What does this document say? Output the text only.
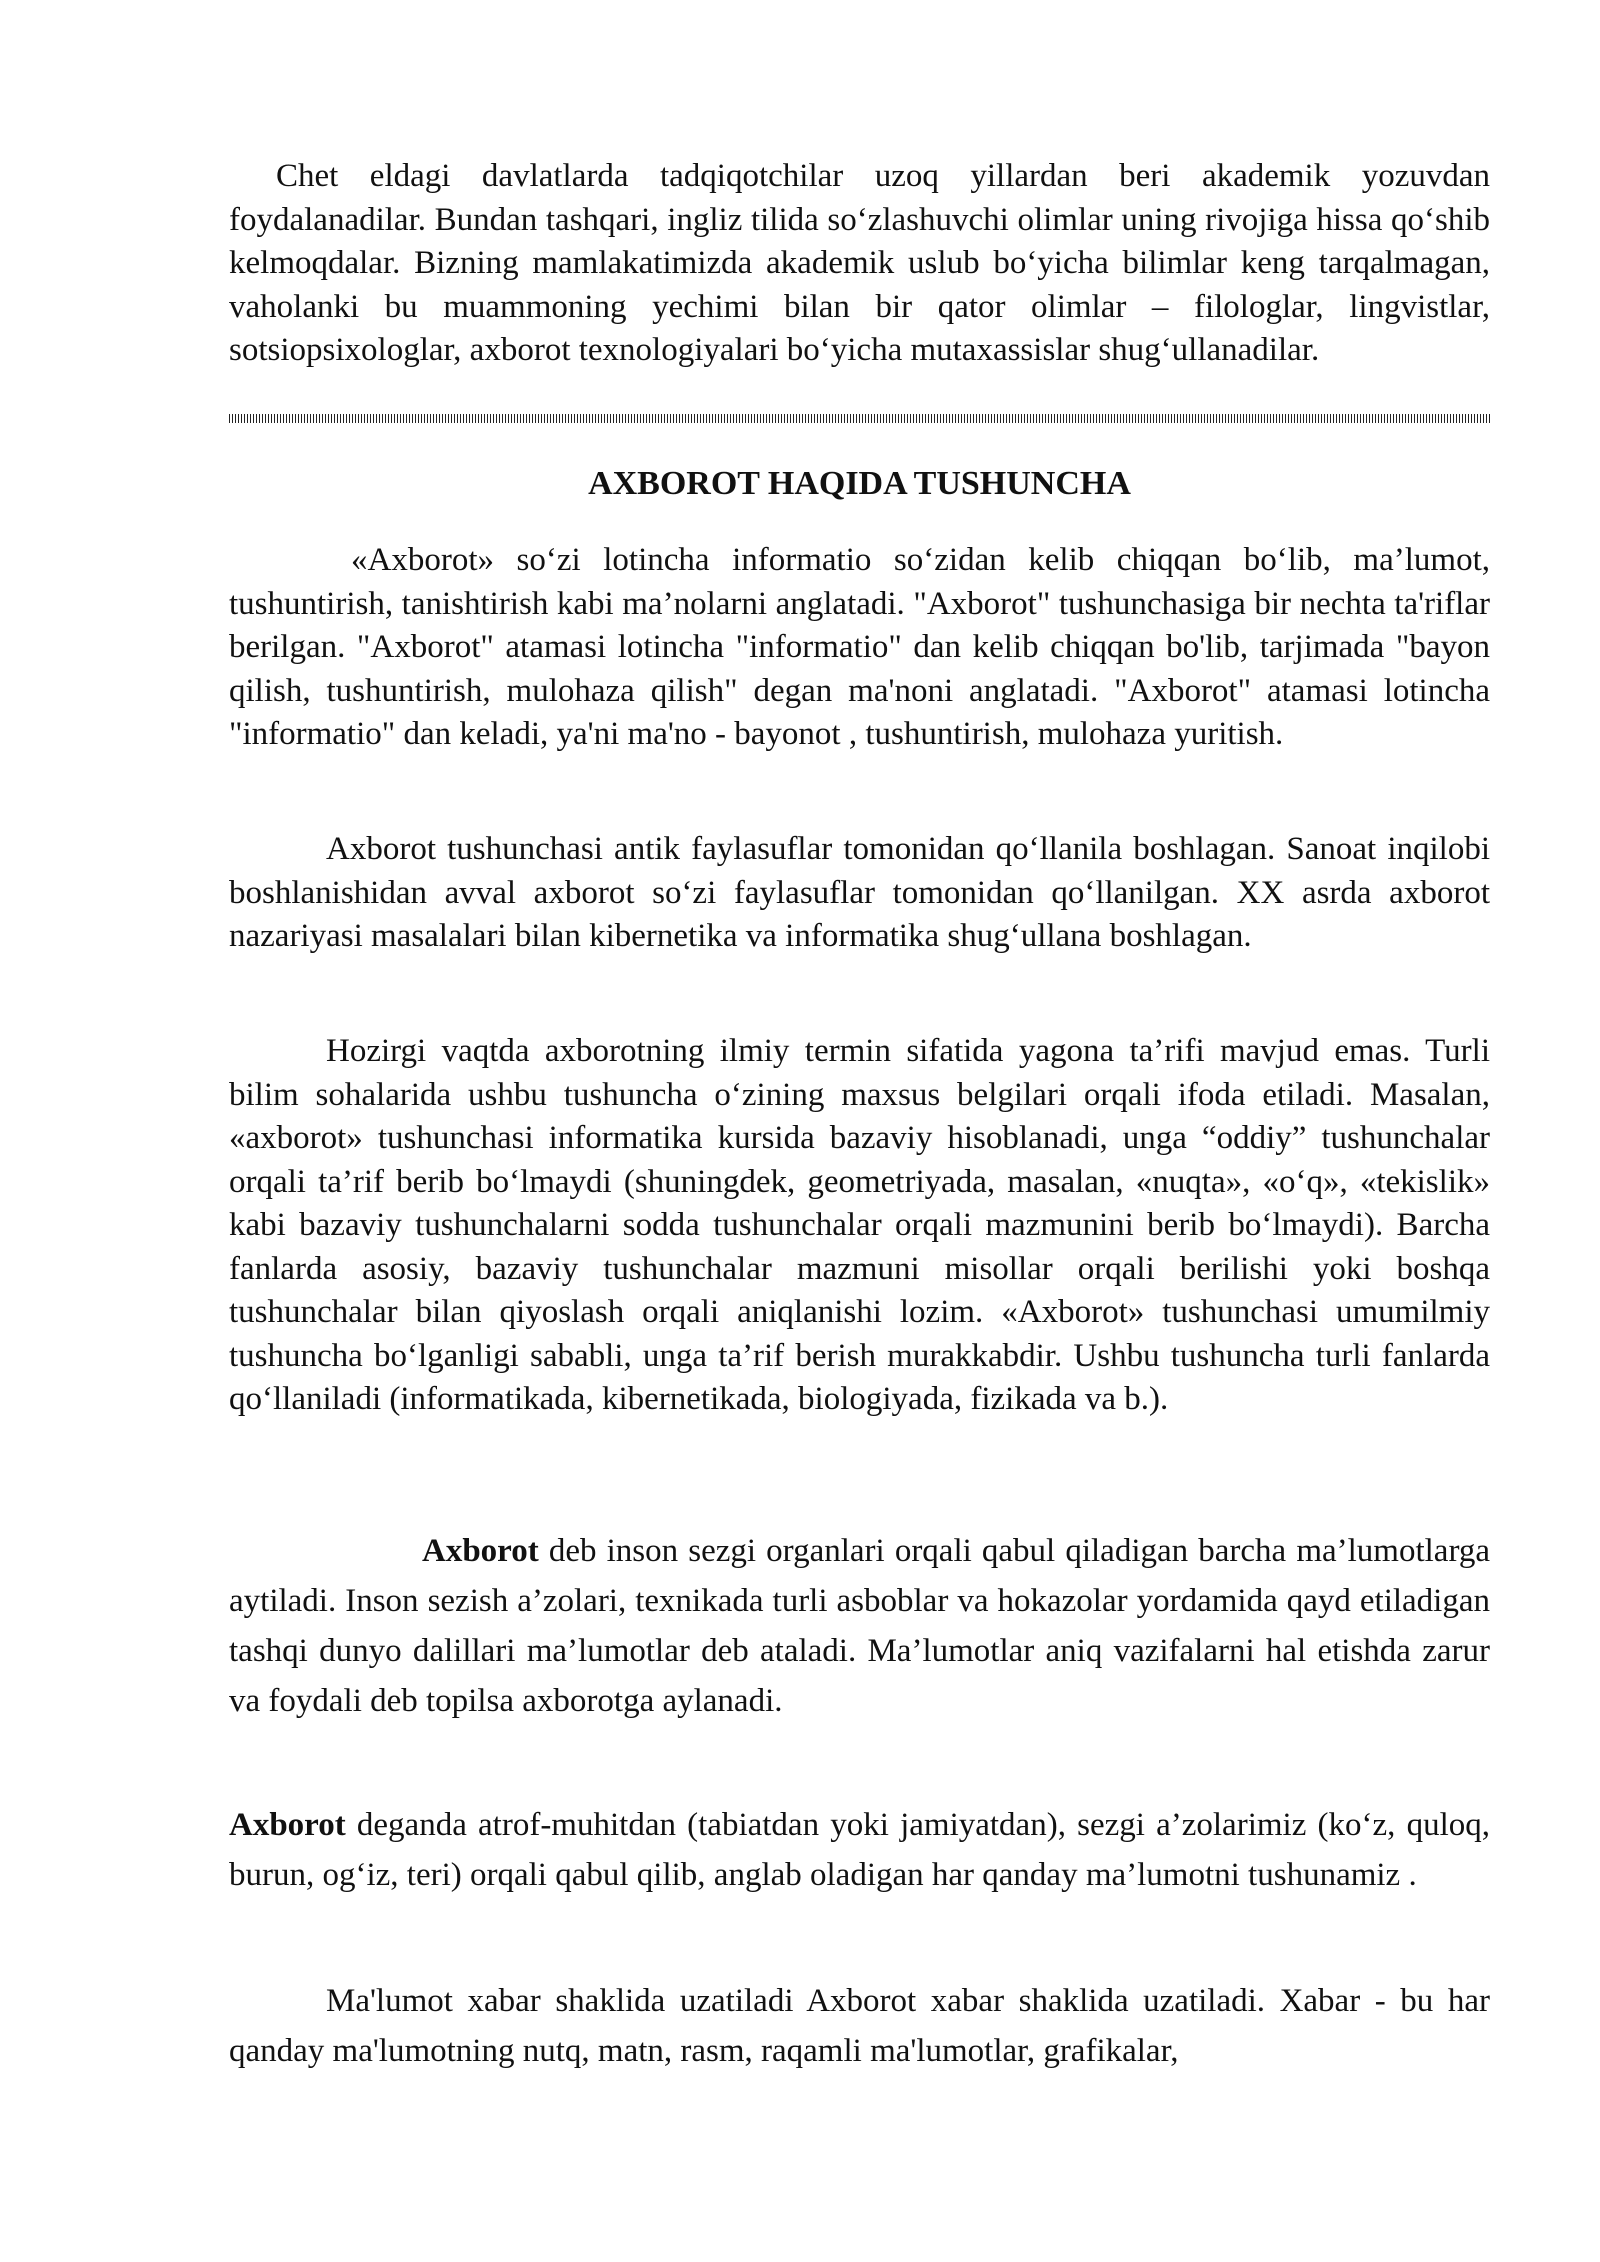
Chet eldagi davlatlarda tadqiqotchilar uzoq yillardan beri akademik yozuvdan foydalanadilar. Bundan tashqari, ingliz tilida so‘zlashuvchi olimlar uning rivojiga hissa qo‘shib kelmoqdalar. Bizning mamlakatimizda akademik uslub bo‘yicha bilimlar keng tarqalmagan, vaholanki bu muammoning yechimi bilan bir qator olimlar – filologlar, lingvistlar, sotsiopsixologlar, axborot texnologiyalari bo‘yicha mutaxassislar shug‘ullanadilar.

AXBOROT HAQIDA TUSHUNCHA

«Axborot» so‘zi lotincha informatio so‘zidan kelib chiqqan bo‘lib, ma’lumot, tushuntirish, tanishtirish kabi ma’nolarni anglatadi. "Axborot" tushunchasiga bir nechta ta'riflar berilgan. "Axborot" atamasi lotincha "informatio" dan kelib chiqqan bo'lib, tarjimada "bayon qilish, tushuntirish, mulohaza qilish" degan ma'noni anglatadi. "Axborot" atamasi lotincha "informatio" dan keladi, ya'ni ma'no - bayonot , tushuntirish, mulohaza yuritish.

Axborot tushunchasi antik faylasuflar tomonidan qo‘llanila boshlagan. Sanoat inqilobi boshlanishidan avval axborot so‘zi faylasuflar tomonidan qo‘llanilgan. XX asrda axborot nazariyasi masalalari bilan kibernetika va informatika shug‘ullana boshlagan.

Hozirgi vaqtda axborotning ilmiy termin sifatida yagona ta’rifi mavjud emas. Turli bilim sohalarida ushbu tushuncha o‘zining maxsus belgilari orqali ifoda etiladi. Masalan, «axborot» tushunchasi informatika kursida bazaviy hisoblanadi, unga “oddiy” tushunchalar orqali ta’rif berib bo‘lmaydi (shuningdek, geometriyada, masalan, «nuqta», «o‘q», «tekislik» kabi bazaviy tushunchalarni sodda tushunchalar orqali mazmunini berib bo‘lmaydi). Barcha fanlarda asosiy, bazaviy tushunchalar mazmuni misollar orqali berilishi yoki boshqa tushunchalar bilan qiyoslash orqali aniqlanishi lozim. «Axborot» tushunchasi umumilmiy tushuncha bo‘lganligi sababli, unga ta’rif berish murakkabdir. Ushbu tushuncha turli fanlarda qo‘llaniladi (informatikada, kibernetikada, biologiyada, fizikada va b.).

Axborot deb inson sezgi organlari orqali qabul qiladigan barcha ma’lumotlarga aytiladi. Inson sezish a’zolari, texnikada turli asboblar va hokazolar yordamida qayd etiladigan tashqi dunyo dalillari ma’lumotlar deb ataladi. Ma’lumotlar aniq vazifalarni hal etishda zarur va foydali deb topilsa axborotga aylanadi.

Axborot deganda atrof-muhitdan (tabiatdan yoki jamiyatdan), sezgi a’zolarimiz (ko‘z, quloq, burun, og‘iz, teri) orqali qabul qilib, anglab oladigan har qanday ma’lumotni tushunamiz .

Ma'lumot xabar shaklida uzatiladi Axborot xabar shaklida uzatiladi. Xabar - bu har qanday ma'lumotning nutq, matn, rasm, raqamli ma'lumotlar, grafikalar,
